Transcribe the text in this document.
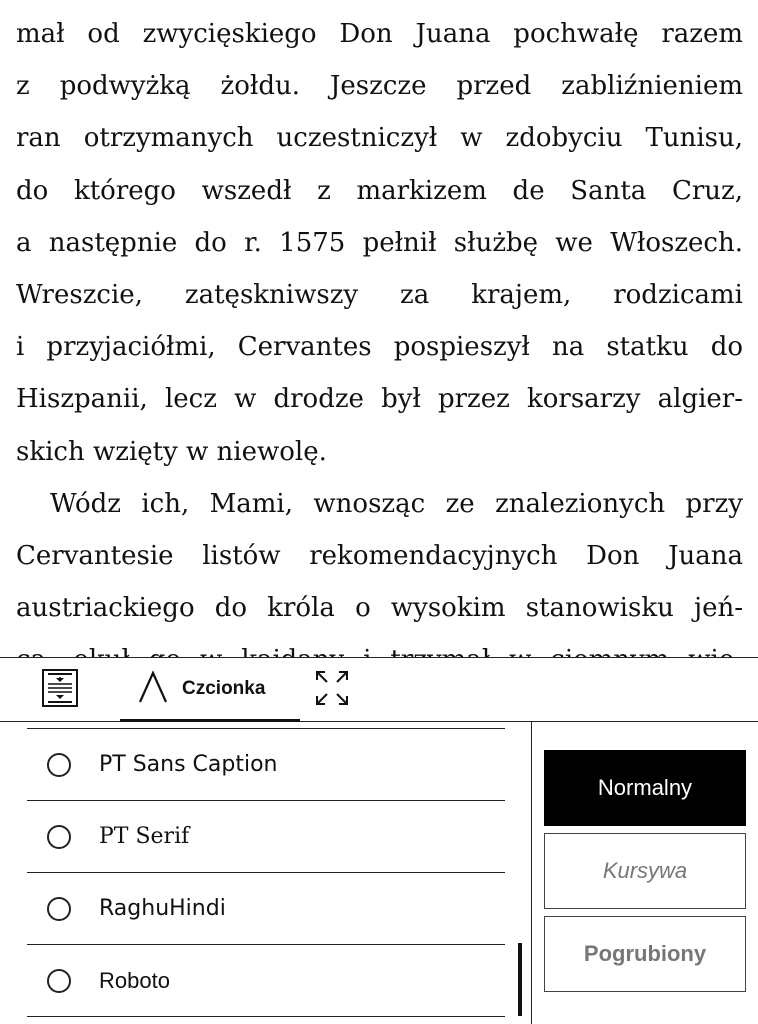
mał od zwycięskiego Don Juana pochwałę razem
z podwyżką żołdu. Jeszcze przed zabliźnieniem
ran otrzymanych uczestniczył w zdobyciu Tunisu,
do którego wszedł z markizem de Santa Cruz,
a następnie do r. 1575 pełnił służbę we Włoszech.
Wreszcie, zatęskniwszy za krajem, rodzicami
i przyjaciółmi, Cervantes pospieszył na statku do
Hiszpanii, lecz w drodze był przez korsarzy algier-
skich wzięty w niewolę.
Wódz ich, Mami, wnosząc ze znalezionych przy
Cervantesie listów rekomendacyjnych Don Juana
austriackiego do króla o wysokim stanowisku jeń-
Czcionka
PT Sans Caption
PT Serif
RaghuHindi
Roboto
Normalny
Kursywa
Pogrubiony
